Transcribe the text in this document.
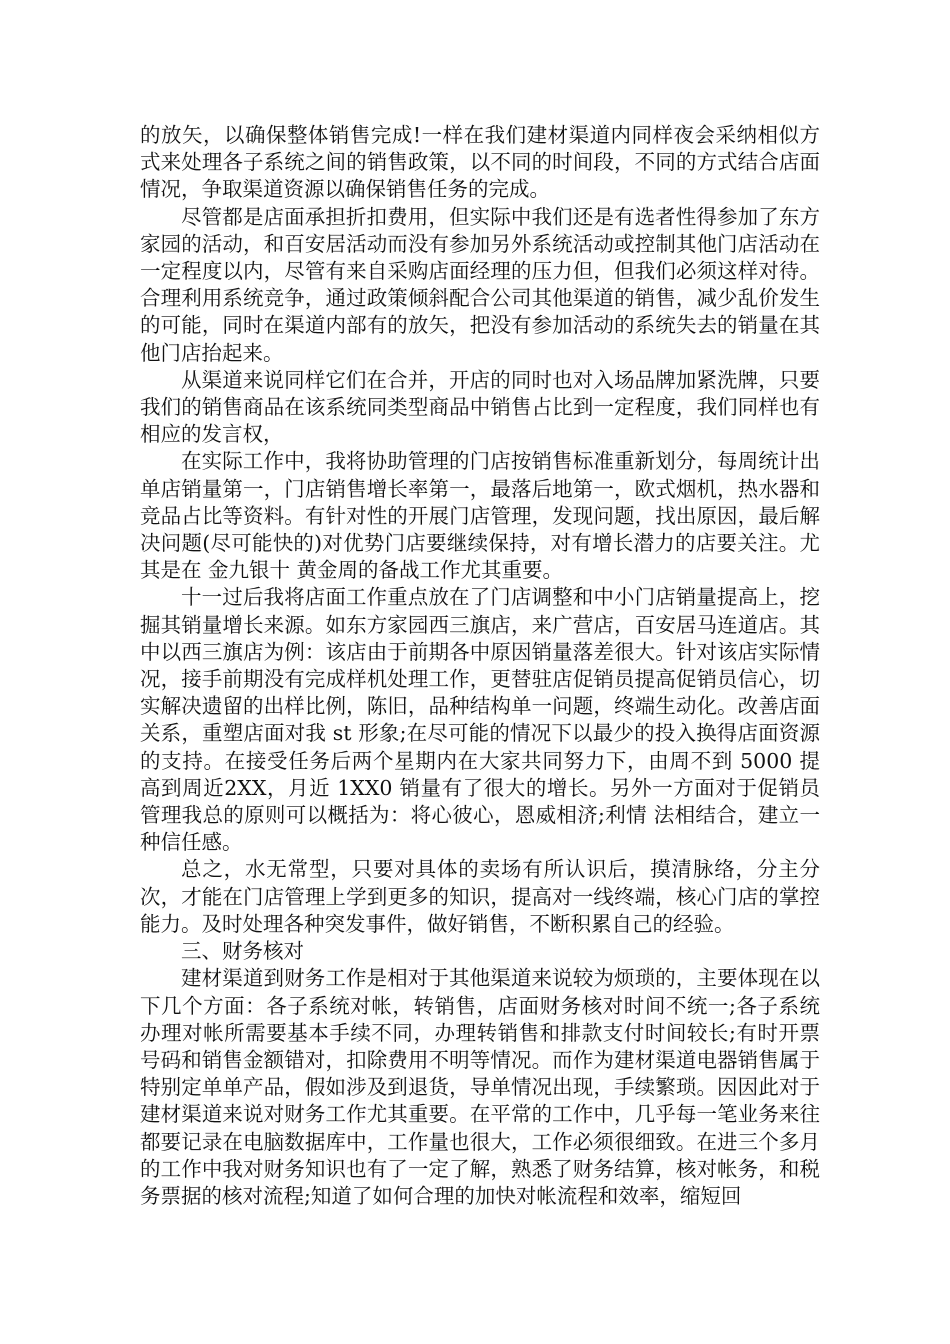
的放矢，以确保整体销售完成!一样在我们建材渠道内同样夜会采纳相似方式来处理各子系统之间的销售政策，以不同的时间段，不同的方式结合店面情况，争取渠道资源以确保销售任务的完成。

尽管都是店面承担折扣费用，但实际中我们还是有选者性得参加了东方家园的活动，和百安居活动而没有参加另外系统活动或控制其他门店活动在一定程度以内，尽管有来自采购店面经理的压力但，但我们必须这样对待。合理利用系统竞争，通过政策倾斜配合公司其他渠道的销售，减少乱价发生的可能，同时在渠道内部有的放矢，把没有参加活动的系统失去的销量在其他门店抬起来。

从渠道来说同样它们在合并，开店的同时也对入场品牌加紧洗牌，只要我们的销售商品在该系统同类型商品中销售占比到一定程度，我们同样也有相应的发言权，

在实际工作中，我将协助管理的门店按销售标准重新划分，每周统计出单店销量第一，门店销售增长率第一，最落后地第一，欧式烟机，热水器和竞品占比等资料。有针对性的开展门店管理，发现问题，找出原因，最后解决问题(尽可能快的)对优势门店要继续保持，对有增长潜力的店要关注。尤其是在 金九银十 黄金周的备战工作尤其重要。

十一过后我将店面工作重点放在了门店调整和中小门店销量提高上，挖掘其销量增长来源。如东方家园西三旗店，来广营店，百安居马连道店。其中以西三旗店为例：该店由于前期各中原因销量落差很大。针对该店实际情况，接手前期没有完成样机处理工作，更替驻店促销员提高促销员信心，切实解决遗留的出样比例，陈旧，品种结构单一问题，终端生动化。改善店面关系，重塑店面对我 st 形象;在尽可能的情况下以最少的投入换得店面资源的支持。在接受任务后两个星期内在大家共同努力下，由周不到 5000 提高到周近2XX，月近 1XX0 销量有了很大的增长。另外一方面对于促销员管理我总的原则可以概括为：将心彼心，恩威相济;利情 法相结合，建立一种信任感。

总之，水无常型，只要对具体的卖场有所认识后，摸清脉络，分主分次，才能在门店管理上学到更多的知识，提高对一线终端，核心门店的掌控能力。及时处理各种突发事件，做好销售，不断积累自己的经验。

三、财务核对

建材渠道到财务工作是相对于其他渠道来说较为烦琐的，主要体现在以下几个方面：各子系统对帐，转销售，店面财务核对时间不统一;各子系统办理对帐所需要基本手续不同，办理转销售和排款支付时间较长;有时开票号码和销售金额错对，扣除费用不明等情况。而作为建材渠道电器销售属于特别定单单产品，假如涉及到退货，导单情况出现，手续繁琐。因因此对于建材渠道来说对财务工作尤其重要。在平常的工作中，几乎每一笔业务来往都要记录在电脑数据库中，工作量也很大，工作必须很细致。在进三个多月的工作中我对财务知识也有了一定了解，熟悉了财务结算，核对帐务，和税务票据的核对流程;知道了如何合理的加快对帐流程和效率，缩短回
